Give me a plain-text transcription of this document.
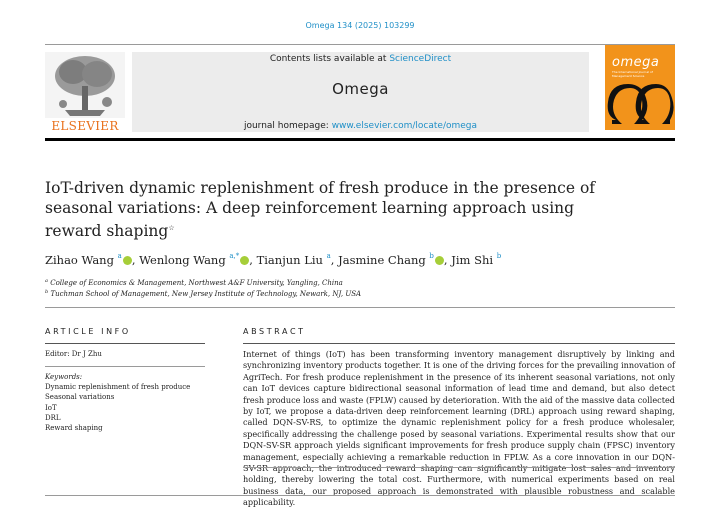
Omega 134 (2025) 103299
ELSEVIER
Contents lists available at ScienceDirect
Omega
journal homepage: www.elsevier.com/locate/omega
omega
The International Journal of Management Science
IoT-driven dynamic replenishment of fresh produce in the presence of seasonal variations: A deep reinforcement learning approach using reward shaping☆
Zihao Wang $^a$ , Wenlong Wang $^{a,*}$ , Tianjun Liu $^a$, Jasmine Chang $^b$ , Jim Shi $^b$
$^a$ College of Economics & Management, Northwest A&F University, Yangling, China
$^b$ Tuchman School of Management, New Jersey Institute of Technology, Newark, NJ, USA
ARTICLE INFO	ABSTRACT
Editor: Dr J Zhu
Keywords:
Dynamic replenishment of fresh produce
Seasonal variations
IoT
DRL
Reward shaping
Internet of things (IoT) has been transforming inventory management disruptively by linking and synchronizing inventory products together. It is one of the driving forces for the prevailing innovation of AgriTech. For fresh produce replenishment in the presence of its inherent seasonal variations, not only can IoT devices capture bidirectional seasonal information of lead time and demand, but also detect fresh produce loss and waste (FPLW) caused by deterioration. With the aid of the massive data collected by IoT, we propose a data-driven deep reinforcement learning (DRL) approach using reward shaping, called DQN-SV-RS, to optimize the dynamic replenishment policy for a fresh produce wholesaler, specifically addressing the challenge posed by seasonal variations. Experimental results show that our DQN-SV-SR approach yields significant improvements for fresh produce supply chain (FPSC) inventory management, especially achieving a remarkable reduction in FPLW. As a core innovation in our DQN-SV-SR approach, the introduced reward shaping can significantly mitigate lost sales and inventory holding, thereby lowering the total cost. Furthermore, with numerical experiments based on real business data, our proposed approach is demonstrated with plausible robustness and scalable applicability.
